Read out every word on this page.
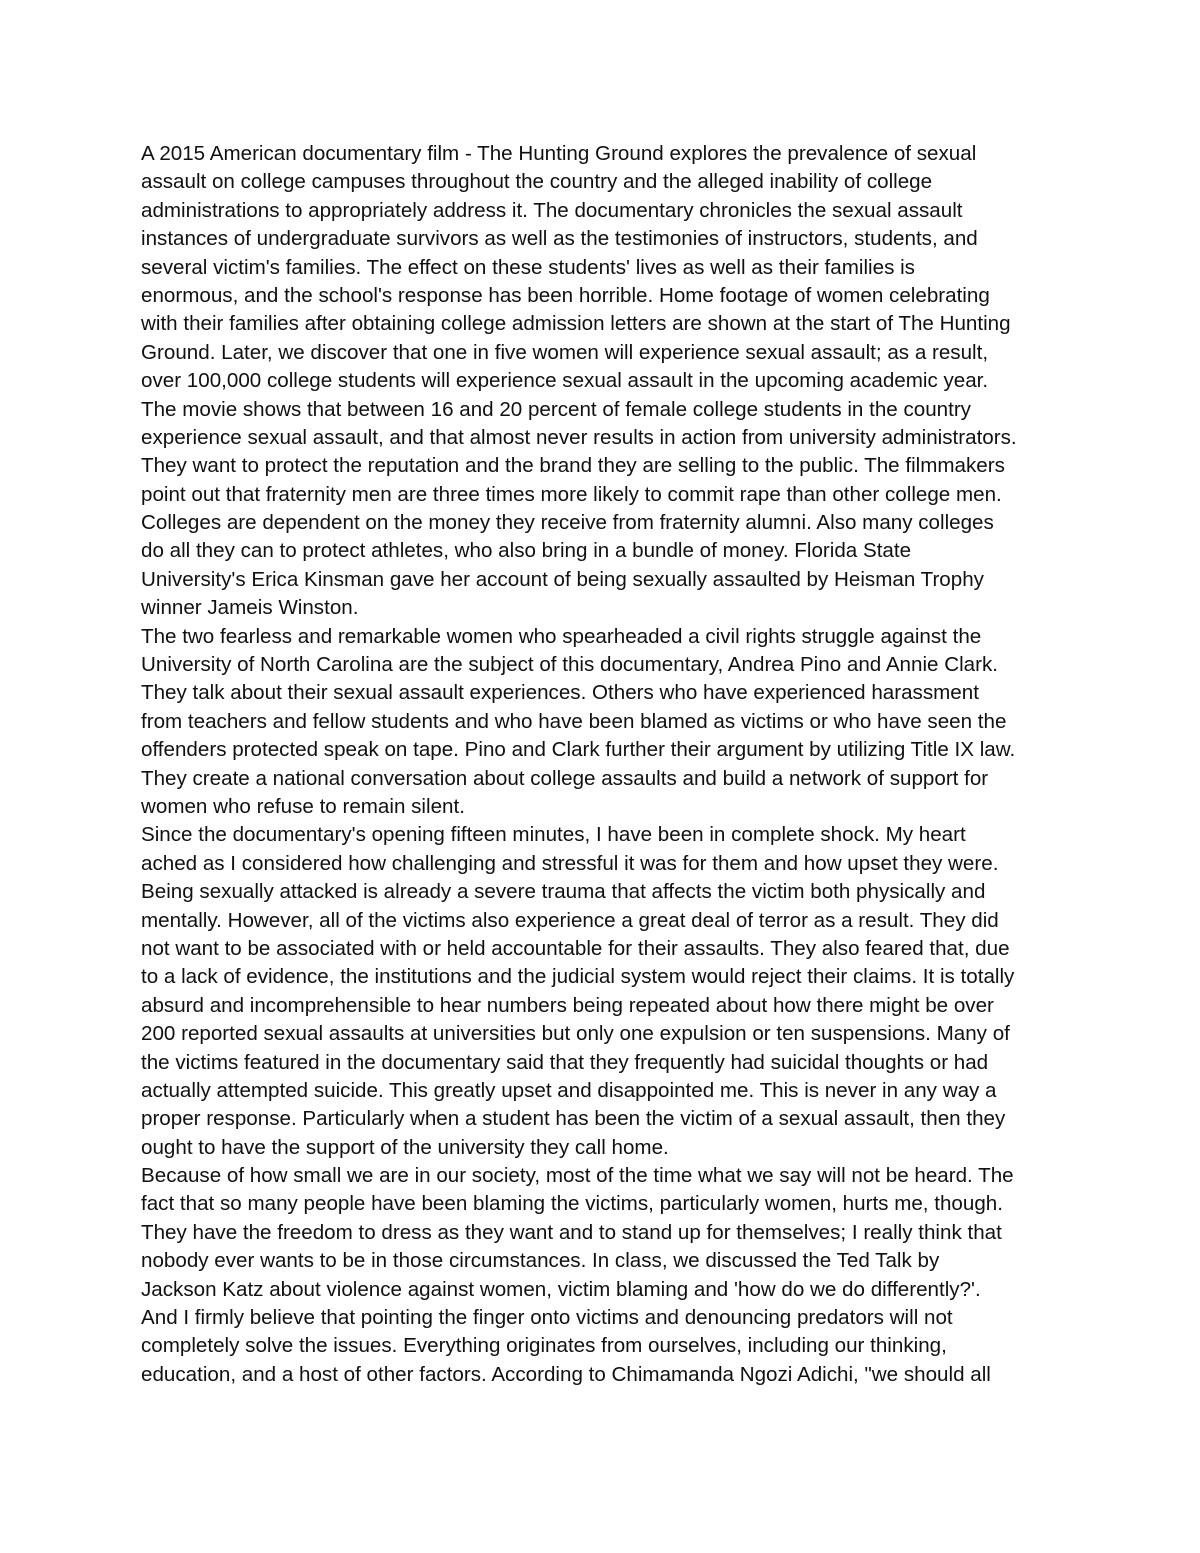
A 2015 American documentary film - The Hunting Ground explores the prevalence of sexual
assault on college campuses throughout the country and the alleged inability of college
administrations to appropriately address it. The documentary chronicles the sexual assault
instances of undergraduate survivors as well as the testimonies of instructors, students, and
several victim's families. The effect on these students' lives as well as their families is
enormous, and the school's response has been horrible. Home footage of women celebrating
with their families after obtaining college admission letters are shown at the start of The Hunting
Ground. Later, we discover that one in five women will experience sexual assault; as a result,
over 100,000 college students will experience sexual assault in the upcoming academic year.
The movie shows that between 16 and 20 percent of female college students in the country
experience sexual assault, and that almost never results in action from university administrators.
They want to protect the reputation and the brand they are selling to the public. The filmmakers
point out that fraternity men are three times more likely to commit rape than other college men.
Colleges are dependent on the money they receive from fraternity alumni. Also many colleges
do all they can to protect athletes, who also bring in a bundle of money. Florida State
University's Erica Kinsman gave her account of being sexually assaulted by Heisman Trophy
winner Jameis Winston.
The two fearless and remarkable women who spearheaded a civil rights struggle against the
University of North Carolina are the subject of this documentary, Andrea Pino and Annie Clark.
They talk about their sexual assault experiences. Others who have experienced harassment
from teachers and fellow students and who have been blamed as victims or who have seen the
offenders protected speak on tape. Pino and Clark further their argument by utilizing Title IX law.
They create a national conversation about college assaults and build a network of support for
women who refuse to remain silent.
Since the documentary's opening fifteen minutes, I have been in complete shock. My heart
ached as I considered how challenging and stressful it was for them and how upset they were.
Being sexually attacked is already a severe trauma that affects the victim both physically and
mentally. However, all of the victims also experience a great deal of terror as a result. They did
not want to be associated with or held accountable for their assaults. They also feared that, due
to a lack of evidence, the institutions and the judicial system would reject their claims. It is totally
absurd and incomprehensible to hear numbers being repeated about how there might be over
200 reported sexual assaults at universities but only one expulsion or ten suspensions. Many of
the victims featured in the documentary said that they frequently had suicidal thoughts or had
actually attempted suicide. This greatly upset and disappointed me. This is never in any way a
proper response. Particularly when a student has been the victim of a sexual assault, then they
ought to have the support of the university they call home.
Because of how small we are in our society, most of the time what we say will not be heard. The
fact that so many people have been blaming the victims, particularly women, hurts me, though.
They have the freedom to dress as they want and to stand up for themselves; I really think that
nobody ever wants to be in those circumstances. In class, we discussed the Ted Talk by
Jackson Katz about violence against women, victim blaming and 'how do we do differently?'.
And I firmly believe that pointing the finger onto victims and denouncing predators will not
completely solve the issues. Everything originates from ourselves, including our thinking,
education, and a host of other factors. According to Chimamanda Ngozi Adichi, "we should all
